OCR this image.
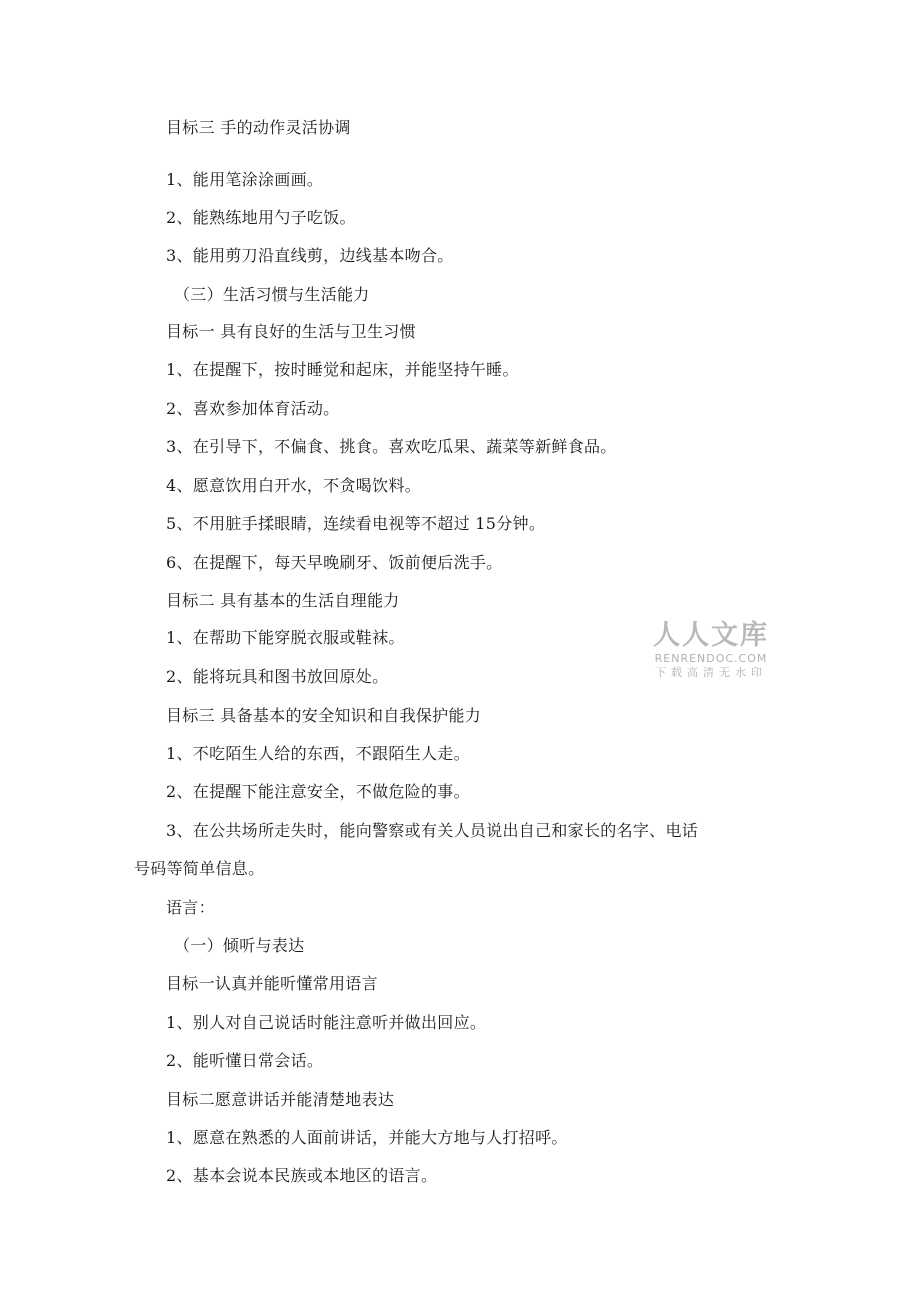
目标三 手的动作灵活协调
1、能用笔涂涂画画。
2、能熟练地用勺子吃饭。
3、能用剪刀沿直线剪，边线基本吻合。
（三）生活习惯与生活能力
目标一 具有良好的生活与卫生习惯
1、在提醒下，按时睡觉和起床，并能坚持午睡。
2、喜欢参加体育活动。
3、在引导下，不偏食、挑食。喜欢吃瓜果、蔬菜等新鲜食品。
4、愿意饮用白开水，不贪喝饮料。
5、不用脏手揉眼睛，连续看电视等不超过 15分钟。
6、在提醒下，每天早晚刷牙、饭前便后洗手。
目标二 具有基本的生活自理能力
1、在帮助下能穿脱衣服或鞋袜。
2、能将玩具和图书放回原处。
目标三 具备基本的安全知识和自我保护能力
1、不吃陌生人给的东西，不跟陌生人走。
2、在提醒下能注意安全，不做危险的事。
3、在公共场所走失时，能向警察或有关人员说出自己和家长的名字、电话
号码等简单信息。
语言：
（一）倾听与表达
目标一认真并能听懂常用语言
1、别人对自己说话时能注意听并做出回应。
2、能听懂日常会话。
目标二愿意讲话并能清楚地表达
1、愿意在熟悉的人面前讲话，并能大方地与人打招呼。
2、基本会说本民族或本地区的语言。
人人文库
RENRENDOC.COM
下载高清无水印
